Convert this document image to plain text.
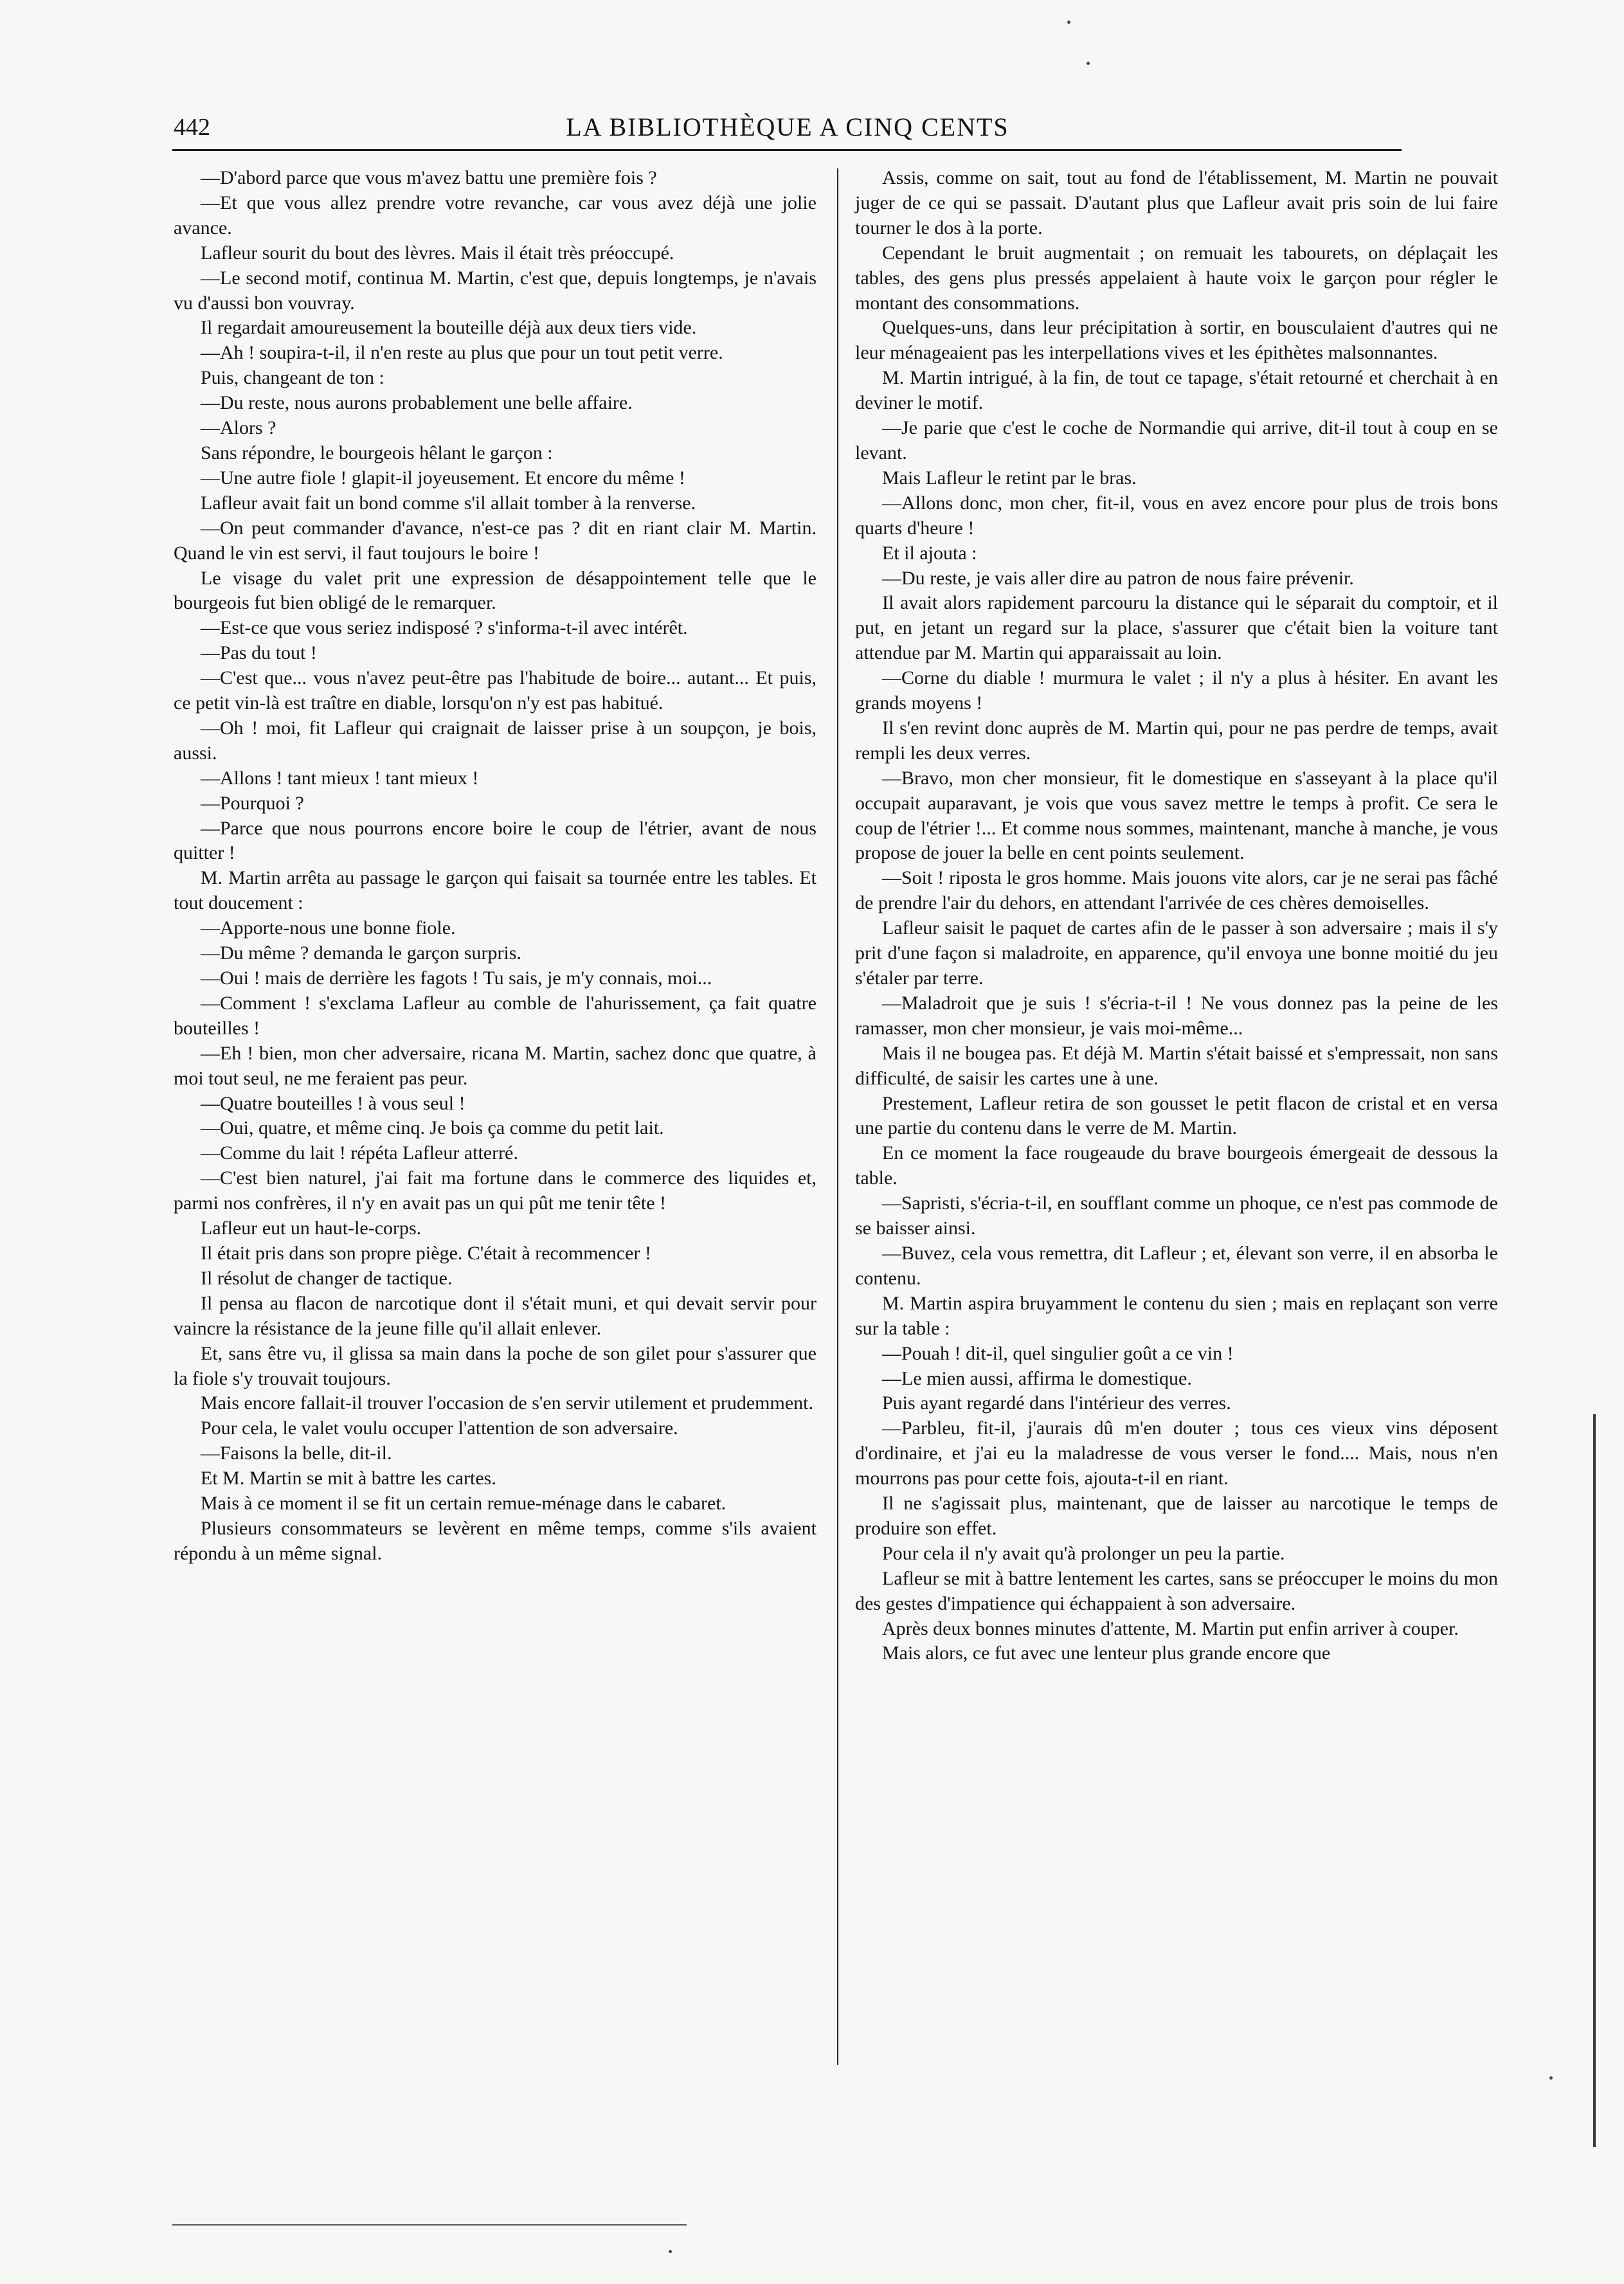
442	LA BIBLIOTHÈQUE A CINQ CENTS

—D'abord parce que vous m'avez battu une première fois ?

—Et que vous allez prendre votre revanche, car vous avez déjà une jolie avance.

Lafleur sourit du bout des lèvres. Mais il était très préoccupé.

—Le second motif, continua M. Martin, c'est que, depuis longtemps, je n'avais vu d'aussi bon vouvray.

Il regardait amoureusement la bouteille déjà aux deux tiers vide.

—Ah ! soupira-t-il, il n'en reste au plus que pour un tout petit verre.

Puis, changeant de ton :

—Du reste, nous aurons probablement une belle affaire.

—Alors ?

Sans répondre, le bourgeois hêlant le garçon :

—Une autre fiole ! glapit-il joyeusement. Et encore du même !

Lafleur avait fait un bond comme s'il allait tomber à la renverse.

—On peut commander d'avance, n'est-ce pas ? dit en riant clair M. Martin. Quand le vin est servi, il faut toujours le boire !

Le visage du valet prit une expression de désappointement telle que le bourgeois fut bien obligé de le remarquer.

—Est-ce que vous seriez indisposé ? s'informa-t-il avec intérêt.

—Pas du tout !

—C'est que... vous n'avez peut-être pas l'habitude de boire... autant... Et puis, ce petit vin-là est traître en diable, lorsqu'on n'y est pas habitué.

—Oh ! moi, fit Lafleur qui craignait de laisser prise à un soupçon, je bois, aussi.

—Allons ! tant mieux ! tant mieux !

—Pourquoi ?

—Parce que nous pourrons encore boire le coup de l'étrier, avant de nous quitter !

M. Martin arrêta au passage le garçon qui faisait sa tournée entre les tables. Et tout doucement :

—Apporte-nous une bonne fiole.

—Du même ? demanda le garçon surpris.

—Oui ! mais de derrière les fagots ! Tu sais, je m'y connais, moi...

—Comment ! s'exclama Lafleur au comble de l'ahurissement, ça fait quatre bouteilles !

—Eh ! bien, mon cher adversaire, ricana M. Martin, sachez donc que quatre, à moi tout seul, ne me feraient pas peur.

—Quatre bouteilles ! à vous seul !

—Oui, quatre, et même cinq. Je bois ça comme du petit lait.

—Comme du lait ! répéta Lafleur atterré.

—C'est bien naturel, j'ai fait ma fortune dans le commerce des liquides et, parmi nos confrères, il n'y en avait pas un qui pût me tenir tête !

Lafleur eut un haut-le-corps.

Il était pris dans son propre piège. C'était à recommencer !

Il résolut de changer de tactique.

Il pensa au flacon de narcotique dont il s'était muni, et qui devait servir pour vaincre la résistance de la jeune fille qu'il allait enlever.

Et, sans être vu, il glissa sa main dans la poche de son gilet pour s'assurer que la fiole s'y trouvait toujours.

Mais encore fallait-il trouver l'occasion de s'en servir utilement et prudemment.

Pour cela, le valet voulu occuper l'attention de son adversaire.

—Faisons la belle, dit-il.

Et M. Martin se mit à battre les cartes.

Mais à ce moment il se fit un certain remue-ménage dans le cabaret.

Plusieurs consommateurs se levèrent en même temps, comme s'ils avaient répondu à un même signal.

Assis, comme on sait, tout au fond de l'établissement, M. Martin ne pouvait juger de ce qui se passait. D'autant plus que Lafleur avait pris soin de lui faire tourner le dos à la porte.

Cependant le bruit augmentait ; on remuait les tabourets, on déplaçait les tables, des gens plus pressés appelaient à haute voix le garçon pour régler le montant des consommations.

Quelques-uns, dans leur précipitation à sortir, en bousculaient d'autres qui ne leur ménageaient pas les interpellations vives et les épithètes malsonnantes.

M. Martin intrigué, à la fin, de tout ce tapage, s'était retourné et cherchait à en deviner le motif.

—Je parie que c'est le coche de Normandie qui arrive, dit-il tout à coup en se levant.

Mais Lafleur le retint par le bras.

—Allons donc, mon cher, fit-il, vous en avez encore pour plus de trois bons quarts d'heure !

Et il ajouta :

—Du reste, je vais aller dire au patron de nous faire prévenir.

Il avait alors rapidement parcouru la distance qui le séparait du comptoir, et il put, en jetant un regard sur la place, s'assurer que c'était bien la voiture tant attendue par M. Martin qui apparaissait au loin.

—Corne du diable ! murmura le valet ; il n'y a plus à hésiter. En avant les grands moyens !

Il s'en revint donc auprès de M. Martin qui, pour ne pas perdre de temps, avait rempli les deux verres.

—Bravo, mon cher monsieur, fit le domestique en s'asseyant à la place qu'il occupait auparavant, je vois que vous savez mettre le temps à profit. Ce sera le coup de l'étrier !... Et comme nous sommes, maintenant, manche à manche, je vous propose de jouer la belle en cent points seulement.

—Soit ! riposta le gros homme. Mais jouons vite alors, car je ne serai pas fâché de prendre l'air du dehors, en attendant l'arrivée de ces chères demoiselles.

Lafleur saisit le paquet de cartes afin de le passer à son adversaire ; mais il s'y prit d'une façon si maladroite, en apparence, qu'il envoya une bonne moitié du jeu s'étaler par terre.

—Maladroit que je suis ! s'écria-t-il ! Ne vous donnez pas la peine de les ramasser, mon cher monsieur, je vais moi-même...

Mais il ne bougea pas. Et déjà M. Martin s'était baissé et s'empressait, non sans difficulté, de saisir les cartes une à une.

Prestement, Lafleur retira de son gousset le petit flacon de cristal et en versa une partie du contenu dans le verre de M. Martin.

En ce moment la face rougeaude du brave bourgeois émergeait de dessous la table.

—Sapristi, s'écria-t-il, en soufflant comme un phoque, ce n'est pas commode de se baisser ainsi.

—Buvez, cela vous remettra, dit Lafleur ; et, élevant son verre, il en absorba le contenu.

M. Martin aspira bruyamment le contenu du sien ; mais en replaçant son verre sur la table :

—Pouah ! dit-il, quel singulier goût a ce vin !

—Le mien aussi, affirma le domestique.

Puis ayant regardé dans l'intérieur des verres.

—Parbleu, fit-il, j'aurais dû m'en douter ; tous ces vieux vins déposent d'ordinaire, et j'ai eu la maladresse de vous verser le fond.... Mais, nous n'en mourrons pas pour cette fois, ajouta-t-il en riant.

Il ne s'agissait plus, maintenant, que de laisser au narcotique le temps de produire son effet.

Pour cela il n'y avait qu'à prolonger un peu la partie.

Lafleur se mit à battre lentement les cartes, sans se préoccuper le moins du mon des gestes d'impatience qui échappaient à son adversaire.

Après deux bonnes minutes d'attente, M. Martin put enfin arriver à couper.

Mais alors, ce fut avec une lenteur plus grande encore que
